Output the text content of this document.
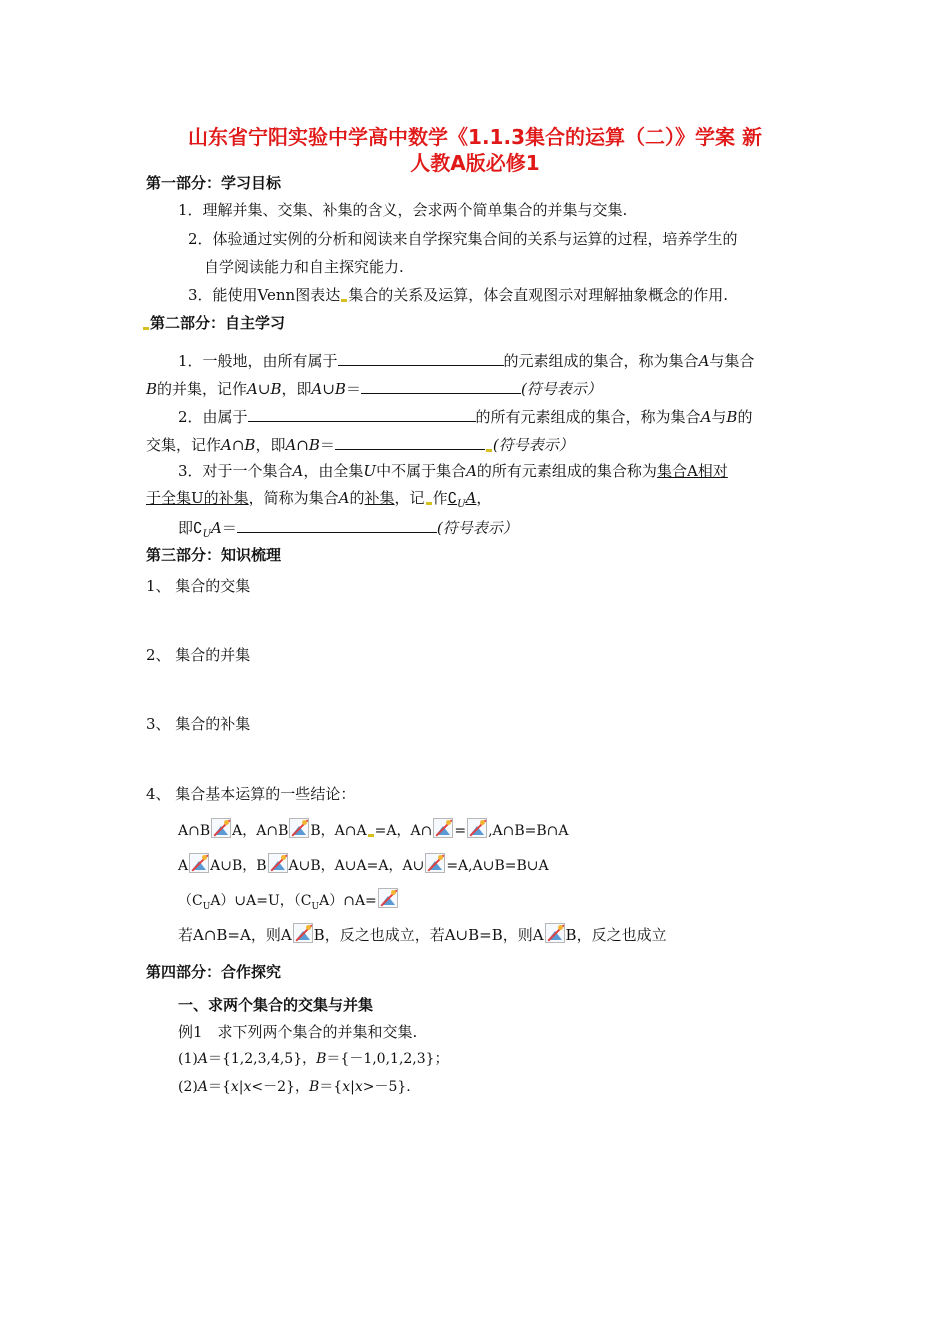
山东省宁阳实验中学高中数学《1.1.3集合的运算（二）》学案 新
人教A版必修1
第一部分：学习目标
1．理解并集、交集、补集的含义，会求两个简单集合的并集与交集.
2．体验通过实例的分析和阅读来自学探究集合间的关系与运算的过程，培养学生的
自学阅读能力和自主探究能力.
3．能使用Venn图表达 集合的关系及运算，体会直观图示对理解抽象概念的作用.
第二部分：自主学习
1．一般地，由所有属于	的元素组成的集合，称为集合A与集合
B的并集，记作A∪B，即A∪B＝	(符号表示）
2．由属于	的所有元素组成的集合，称为集合A与B的
交集，记作A∩B，即A∩B＝	(符号表示）
3．对于一个集合A，由全集U中不属于集合A的所有元素组成的集合称为集合A相对
于全集U的补集，简称为集合A的补集，记 作$∁_UA$，
即$∁_UA=$	(符号表示）
第三部分：知识梳理
1、 集合的交集
2、 集合的并集
3、 集合的补集
4、 集合基本运算的一些结论：
A∩B A，A∩B B，A∩A =A，A∩ = ,A∩B=B∩A
A A∪B，B A∪B，A∪A=A，A∪ =A,A∪B=B∪A
$(C_UA)\cup A=U$，$(C_UA)\cap A=$
若A∩B=A，则A B，反之也成立，若A∪B=B，则A B，反之也成立
第四部分：合作探究
一、求两个集合的交集与并集
例1　求下列两个集合的并集和交集.
(1)A＝{1,2,3,4,5}，B＝{－1,0,1,2,3}；
(2)A＝{x|x<－2}，B＝{x|x>－5}.
